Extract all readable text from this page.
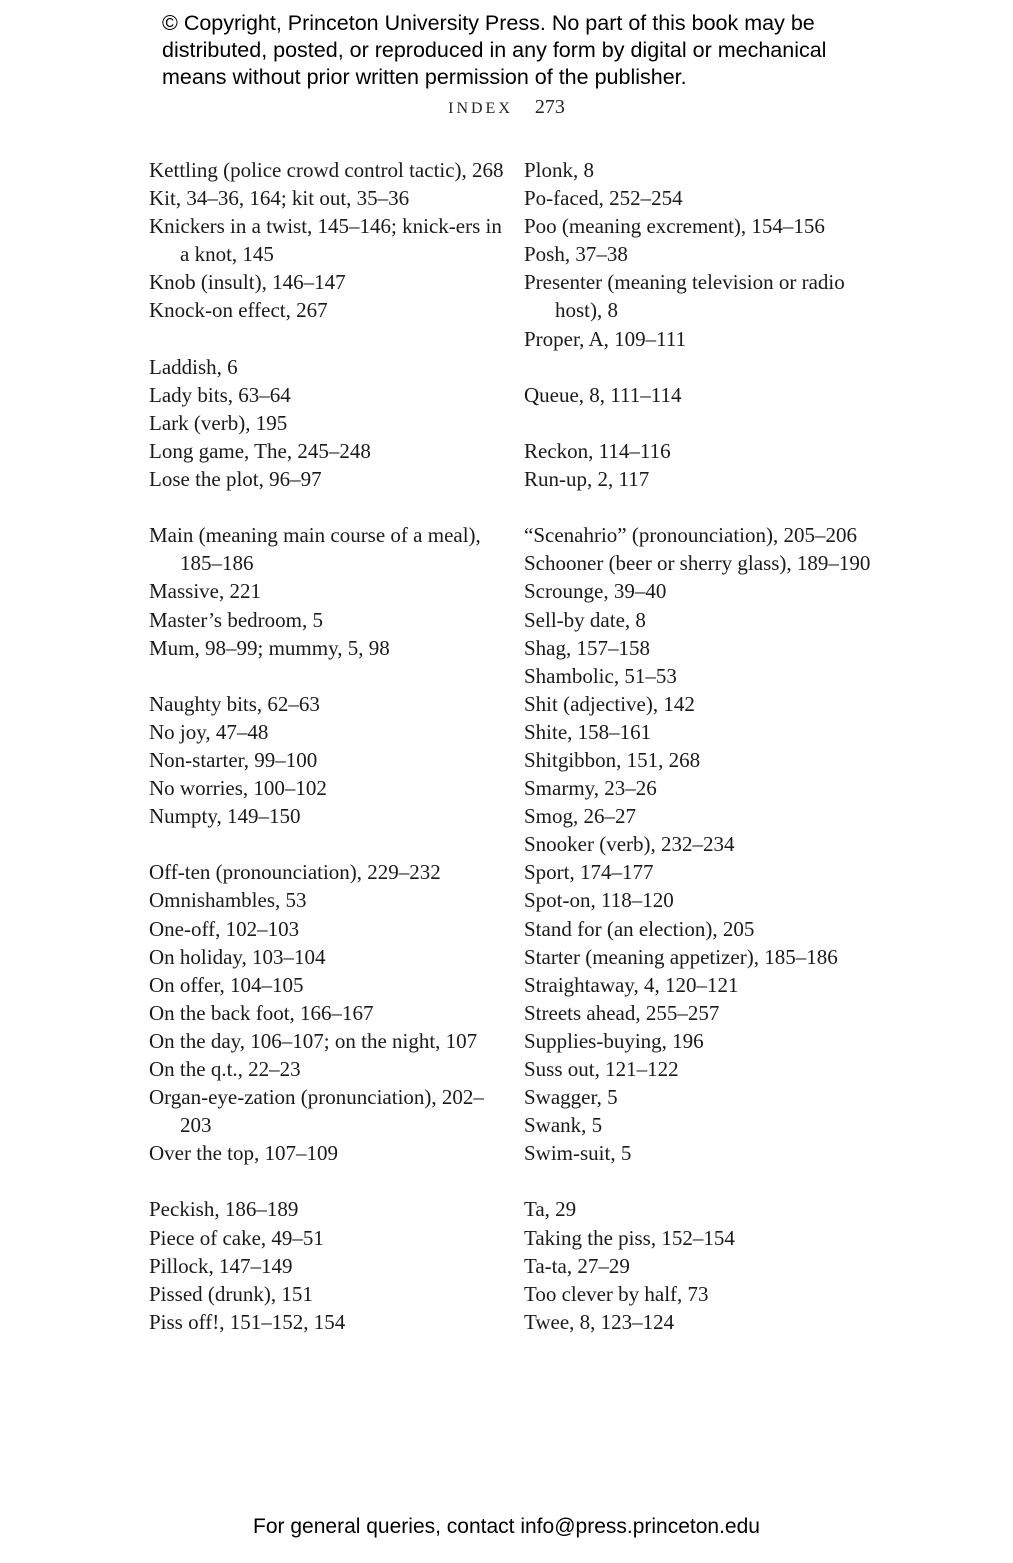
© Copyright, Princeton University Press. No part of this book may be distributed, posted, or reproduced in any form by digital or mechanical means without prior written permission of the publisher.
INDEX 273

Kettling (police crowd control tactic), 268

Kit, 34–36, 164; kit out, 35–36

Knickers in a twist, 145–146; knick-ers in a knot, 145

Knob (insult), 146–147

Knock-on effect, 267

Laddish, 6

Lady bits, 63–64

Lark (verb), 195

Long game, The, 245–248

Lose the plot, 96–97

Main (meaning main course of a meal), 185–186

Massive, 221

Master’s bedroom, 5

Mum, 98–99; mummy, 5, 98

Naughty bits, 62–63

No joy, 47–48

Non-starter, 99–100

No worries, 100–102

Numpty, 149–150

Off-ten (pronounciation), 229–232

Omnishambles, 53

One-off, 102–103

On holiday, 103–104

On offer, 104–105

On the back foot, 166–167

On the day, 106–107; on the night, 107

On the q.t., 22–23

Organ-eye-zation (pronunciation), 202–203

Over the top, 107–109

Peckish, 186–189

Piece of cake, 49–51

Pillock, 147–149

Pissed (drunk), 151

Piss off!, 151–152, 154

Plonk, 8

Po-faced, 252–254

Poo (meaning excrement), 154–156

Posh, 37–38

Presenter (meaning television or radio host), 8

Proper, A, 109–111

Queue, 8, 111–114

Reckon, 114–116

Run-up, 2, 117

“Scenahrio” (pronounciation), 205–206

Schooner (beer or sherry glass), 189–190

Scrounge, 39–40

Sell-by date, 8

Shag, 157–158

Shambolic, 51–53

Shit (adjective), 142

Shite, 158–161

Shitgibbon, 151, 268

Smarmy, 23–26

Smog, 26–27

Snooker (verb), 232–234

Sport, 174–177

Spot-on, 118–120

Stand for (an election), 205

Starter (meaning appetizer), 185–186

Straightaway, 4, 120–121

Streets ahead, 255–257

Supplies-buying, 196

Suss out, 121–122

Swagger, 5

Swank, 5

Swim-suit, 5

Ta, 29

Taking the piss, 152–154

Ta-ta, 27–29

Too clever by half, 73

Twee, 8, 123–124

For general queries, contact info@press.princeton.edu
